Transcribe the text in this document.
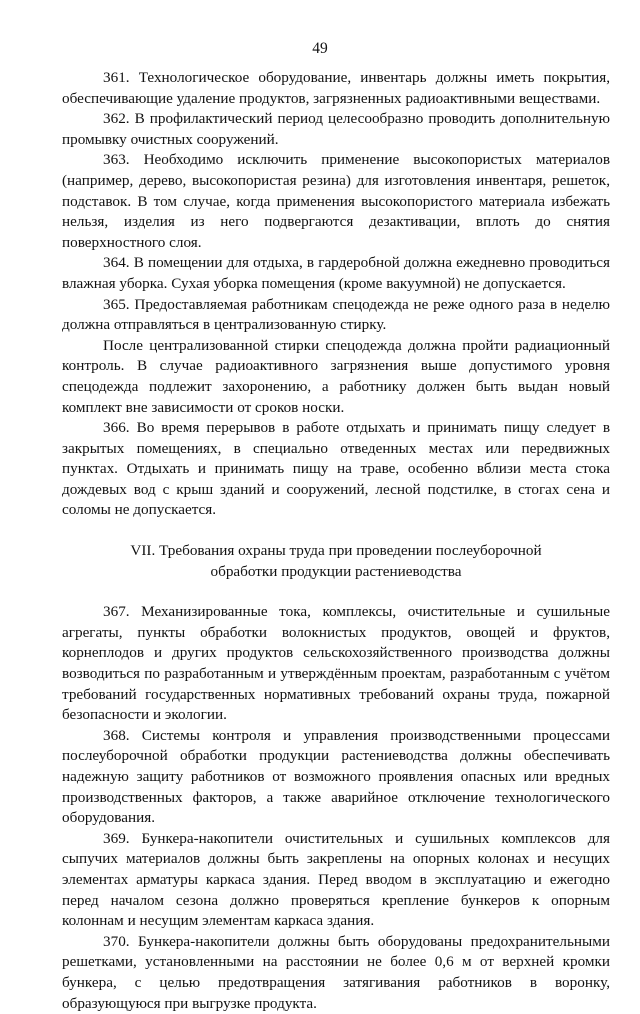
49

361. Технологическое оборудование, инвентарь должны иметь покрытия, обеспечивающие удаление продуктов, загрязненных радиоактивными веществами.

362. В профилактический период целесообразно проводить дополнительную промывку очистных сооружений.

363. Необходимо исключить применение высокопористых материалов (например, дерево, высокопористая резина) для изготовления инвентаря, решеток, подставок. В том случае, когда применения высокопористого материала избежать нельзя, изделия из него подвергаются дезактивации, вплоть до снятия поверхностного слоя.

364. В помещении для отдыха, в гардеробной должна ежедневно проводиться влажная уборка. Сухая уборка помещения (кроме вакуумной) не допускается.

365. Предоставляемая работникам спецодежда не реже одного раза в неделю должна отправляться в централизованную стирку.

После централизованной стирки спецодежда должна пройти радиационный контроль. В случае радиоактивного загрязнения выше допустимого уровня спецодежда подлежит захоронению, а работнику должен быть выдан новый комплект вне зависимости от сроков носки.

366. Во время перерывов в работе отдыхать и принимать пищу следует в закрытых помещениях, в специально отведенных местах или передвижных пунктах. Отдыхать и принимать пищу на траве, особенно вблизи места стока дождевых вод с крыш зданий и сооружений, лесной подстилке, в стогах сена и соломы не допускается.

VII. Требования охраны труда при проведении послеуборочной
обработки продукции растениеводства

367. Механизированные тока, комплексы, очистительные и сушильные агрегаты, пункты обработки волокнистых продуктов, овощей и фруктов, корнеплодов и других продуктов сельскохозяйственного производства должны возводиться по разработанным и утверждённым проектам, разработанным с учётом требований государственных нормативных требований охраны труда, пожарной безопасности и экологии.

368. Системы контроля и управления производственными процессами послеуборочной обработки продукции растениеводства должны обеспечивать надежную защиту работников от возможного проявления опасных или вредных производственных факторов, а также аварийное отключение технологического оборудования.

369. Бункера-накопители очистительных и сушильных комплексов для сыпучих материалов должны быть закреплены на опорных колонах и несущих элементах арматуры каркаса здания. Перед вводом в эксплуатацию и ежегодно перед началом сезона должно проверяться крепление бункеров к опорным колоннам и несущим элементам каркаса здания.

370. Бункера-накопители должны быть оборудованы предохранительными решетками, установленными на расстоянии не более 0,6 м от верхней кромки бункера, с целью предотвращения затягивания работников в воронку, образующуюся при выгрузке продукта.
